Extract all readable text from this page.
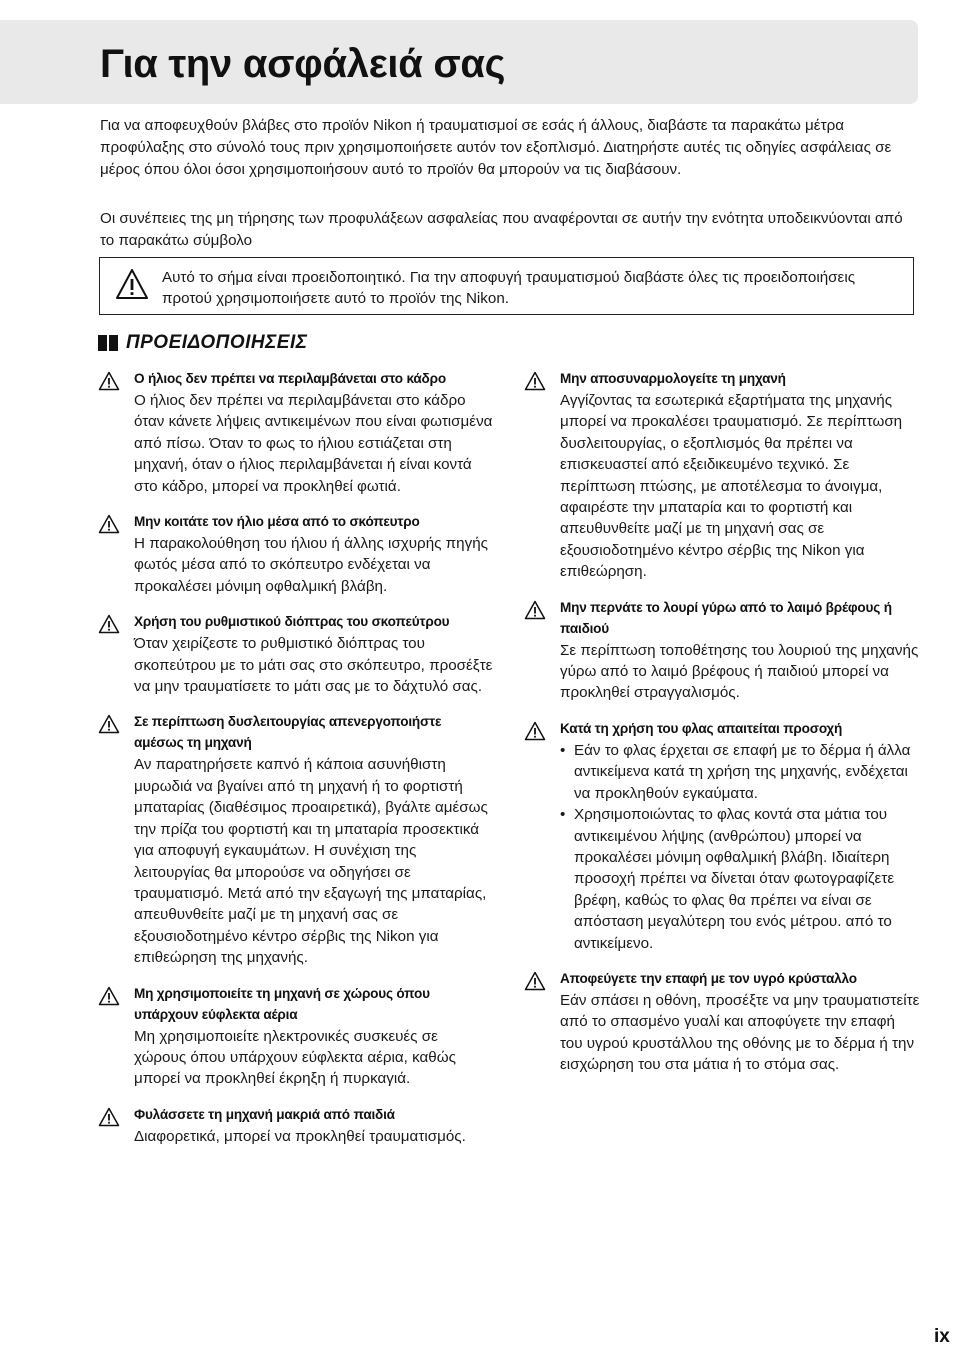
Για την ασφάλειά σας

Για να αποφευχθούν βλάβες στο προϊόν Nikon ή τραυματισμοί σε εσάς ή άλλους, διαβάστε τα παρακάτω μέτρα προφύλαξης στο σύνολό τους πριν χρησιμοποιήσετε αυτόν τον εξοπλισμό. Διατηρήστε αυτές τις οδηγίες ασφάλειας σε μέρος όπου όλοι όσοι χρησιμοποιήσουν αυτό το προϊόν θα μπορούν να τις διαβάσουν.

Οι συνέπειες της μη τήρησης των προφυλάξεων ασφαλείας που αναφέρονται σε αυτήν την ενότητα υποδεικνύονται από το παρακάτω σύμβολο

Αυτό το σήμα είναι προειδοποιητικό. Για την αποφυγή τραυματισμού διαβάστε όλες τις προειδοποιήσεις προτού χρησιμοποιήσετε αυτό το προϊόν της Nikon.

ΠΡΟΕΙΔΟΠΟΙΗΣΕΙΣ

Ο ήλιος δεν πρέπει να περιλαμβάνεται στο κάδρο

Ο ήλιος δεν πρέπει να περιλαμβάνεται στο κάδρο όταν κάνετε λήψεις αντικειμένων που είναι φωτισμένα από πίσω. Όταν το φως το ήλιου εστιάζεται στη μηχανή, όταν ο ήλιος περιλαμβάνεται ή είναι κοντά στο κάδρο, μπορεί να προκληθεί φωτιά.

Μην κοιτάτε τον ήλιο μέσα από το σκόπευτρο

Η παρακολούθηση του ήλιου ή άλλης ισχυρής πηγής φωτός μέσα από το σκόπευτρο ενδέχεται να προκαλέσει μόνιμη οφθαλμική βλάβη.

Χρήση του ρυθμιστικού διόπτρας του σκοπεύτρου

Όταν χειρίζεστε το ρυθμιστικό διόπτρας του σκοπεύτρου με το μάτι σας στο σκόπευτρο, προσέξτε να μην τραυματίσετε το μάτι σας με το δάχτυλό σας.

Σε περίπτωση δυσλειτουργίας απενεργοποιήστε αμέσως τη μηχανή

Αν παρατηρήσετε καπνό ή κάποια ασυνήθιστη μυρωδιά να βγαίνει από τη μηχανή ή το φορτιστή μπαταρίας (διαθέσιμος προαιρετικά), βγάλτε αμέσως την πρίζα του φορτιστή και τη μπαταρία προσεκτικά για αποφυγή εγκαυμάτων. Η συνέχιση της λειτουργίας θα μπορούσε να οδηγήσει σε τραυματισμό. Μετά από την εξαγωγή της μπαταρίας, απευθυνθείτε μαζί με τη μηχανή σας σε εξουσιοδοτημένο κέντρο σέρβις της Nikon για επιθεώρηση της μηχανής.

Μη χρησιμοποιείτε τη μηχανή σε χώρους όπου υπάρχουν εύφλεκτα αέρια

Μη χρησιμοποιείτε ηλεκτρονικές συσκευές σε χώρους όπου υπάρχουν εύφλεκτα αέρια, καθώς μπορεί να προκληθεί έκρηξη ή πυρκαγιά.

Φυλάσσετε τη μηχανή μακριά από παιδιά

Διαφορετικά, μπορεί να προκληθεί τραυματισμός.

Μην αποσυναρμολογείτε τη μηχανή

Αγγίζοντας τα εσωτερικά εξαρτήματα της μηχανής μπορεί να προκαλέσει τραυματισμό. Σε περίπτωση δυσλειτουργίας, ο εξοπλισμός θα πρέπει να επισκευαστεί από εξειδικευμένο τεχνικό. Σε περίπτωση πτώσης, με αποτέλεσμα το άνοιγμα, αφαιρέστε την μπαταρία και το φορτιστή και απευθυνθείτε μαζί με τη μηχανή σας σε εξουσιοδοτημένο κέντρο σέρβις της Nikon για επιθεώρηση.

Μην περνάτε το λουρί γύρω από το λαιμό βρέφους ή παιδιού

Σε περίπτωση τοποθέτησης του λουριού της μηχανής γύρω από το λαιμό βρέφους ή παιδιού μπορεί να προκληθεί στραγγαλισμός.

Κατά τη χρήση του φλας απαιτείται προσοχή

• Εάν το φλας έρχεται σε επαφή με το δέρμα ή άλλα αντικείμενα κατά τη χρήση της μηχανής, ενδέχεται να προκληθούν εγκαύματα.
• Χρησιμοποιώντας το φλας κοντά στα μάτια του αντικειμένου λήψης (ανθρώπου) μπορεί να προκαλέσει μόνιμη οφθαλμική βλάβη. Ιδιαίτερη προσοχή πρέπει να δίνεται όταν φωτογραφίζετε βρέφη, καθώς το φλας θα πρέπει να είναι σε απόσταση μεγαλύτερη του ενός μέτρου. από το αντικείμενο.

Αποφεύγετε την επαφή με τον υγρό κρύσταλλο

Εάν σπάσει η οθόνη, προσέξτε να μην τραυματιστείτε από το σπασμένο γυαλί και αποφύγετε την επαφή του υγρού κρυστάλλου της οθόνης με το δέρμα ή την εισχώρηση του στα μάτια ή το στόμα σας.

ix
